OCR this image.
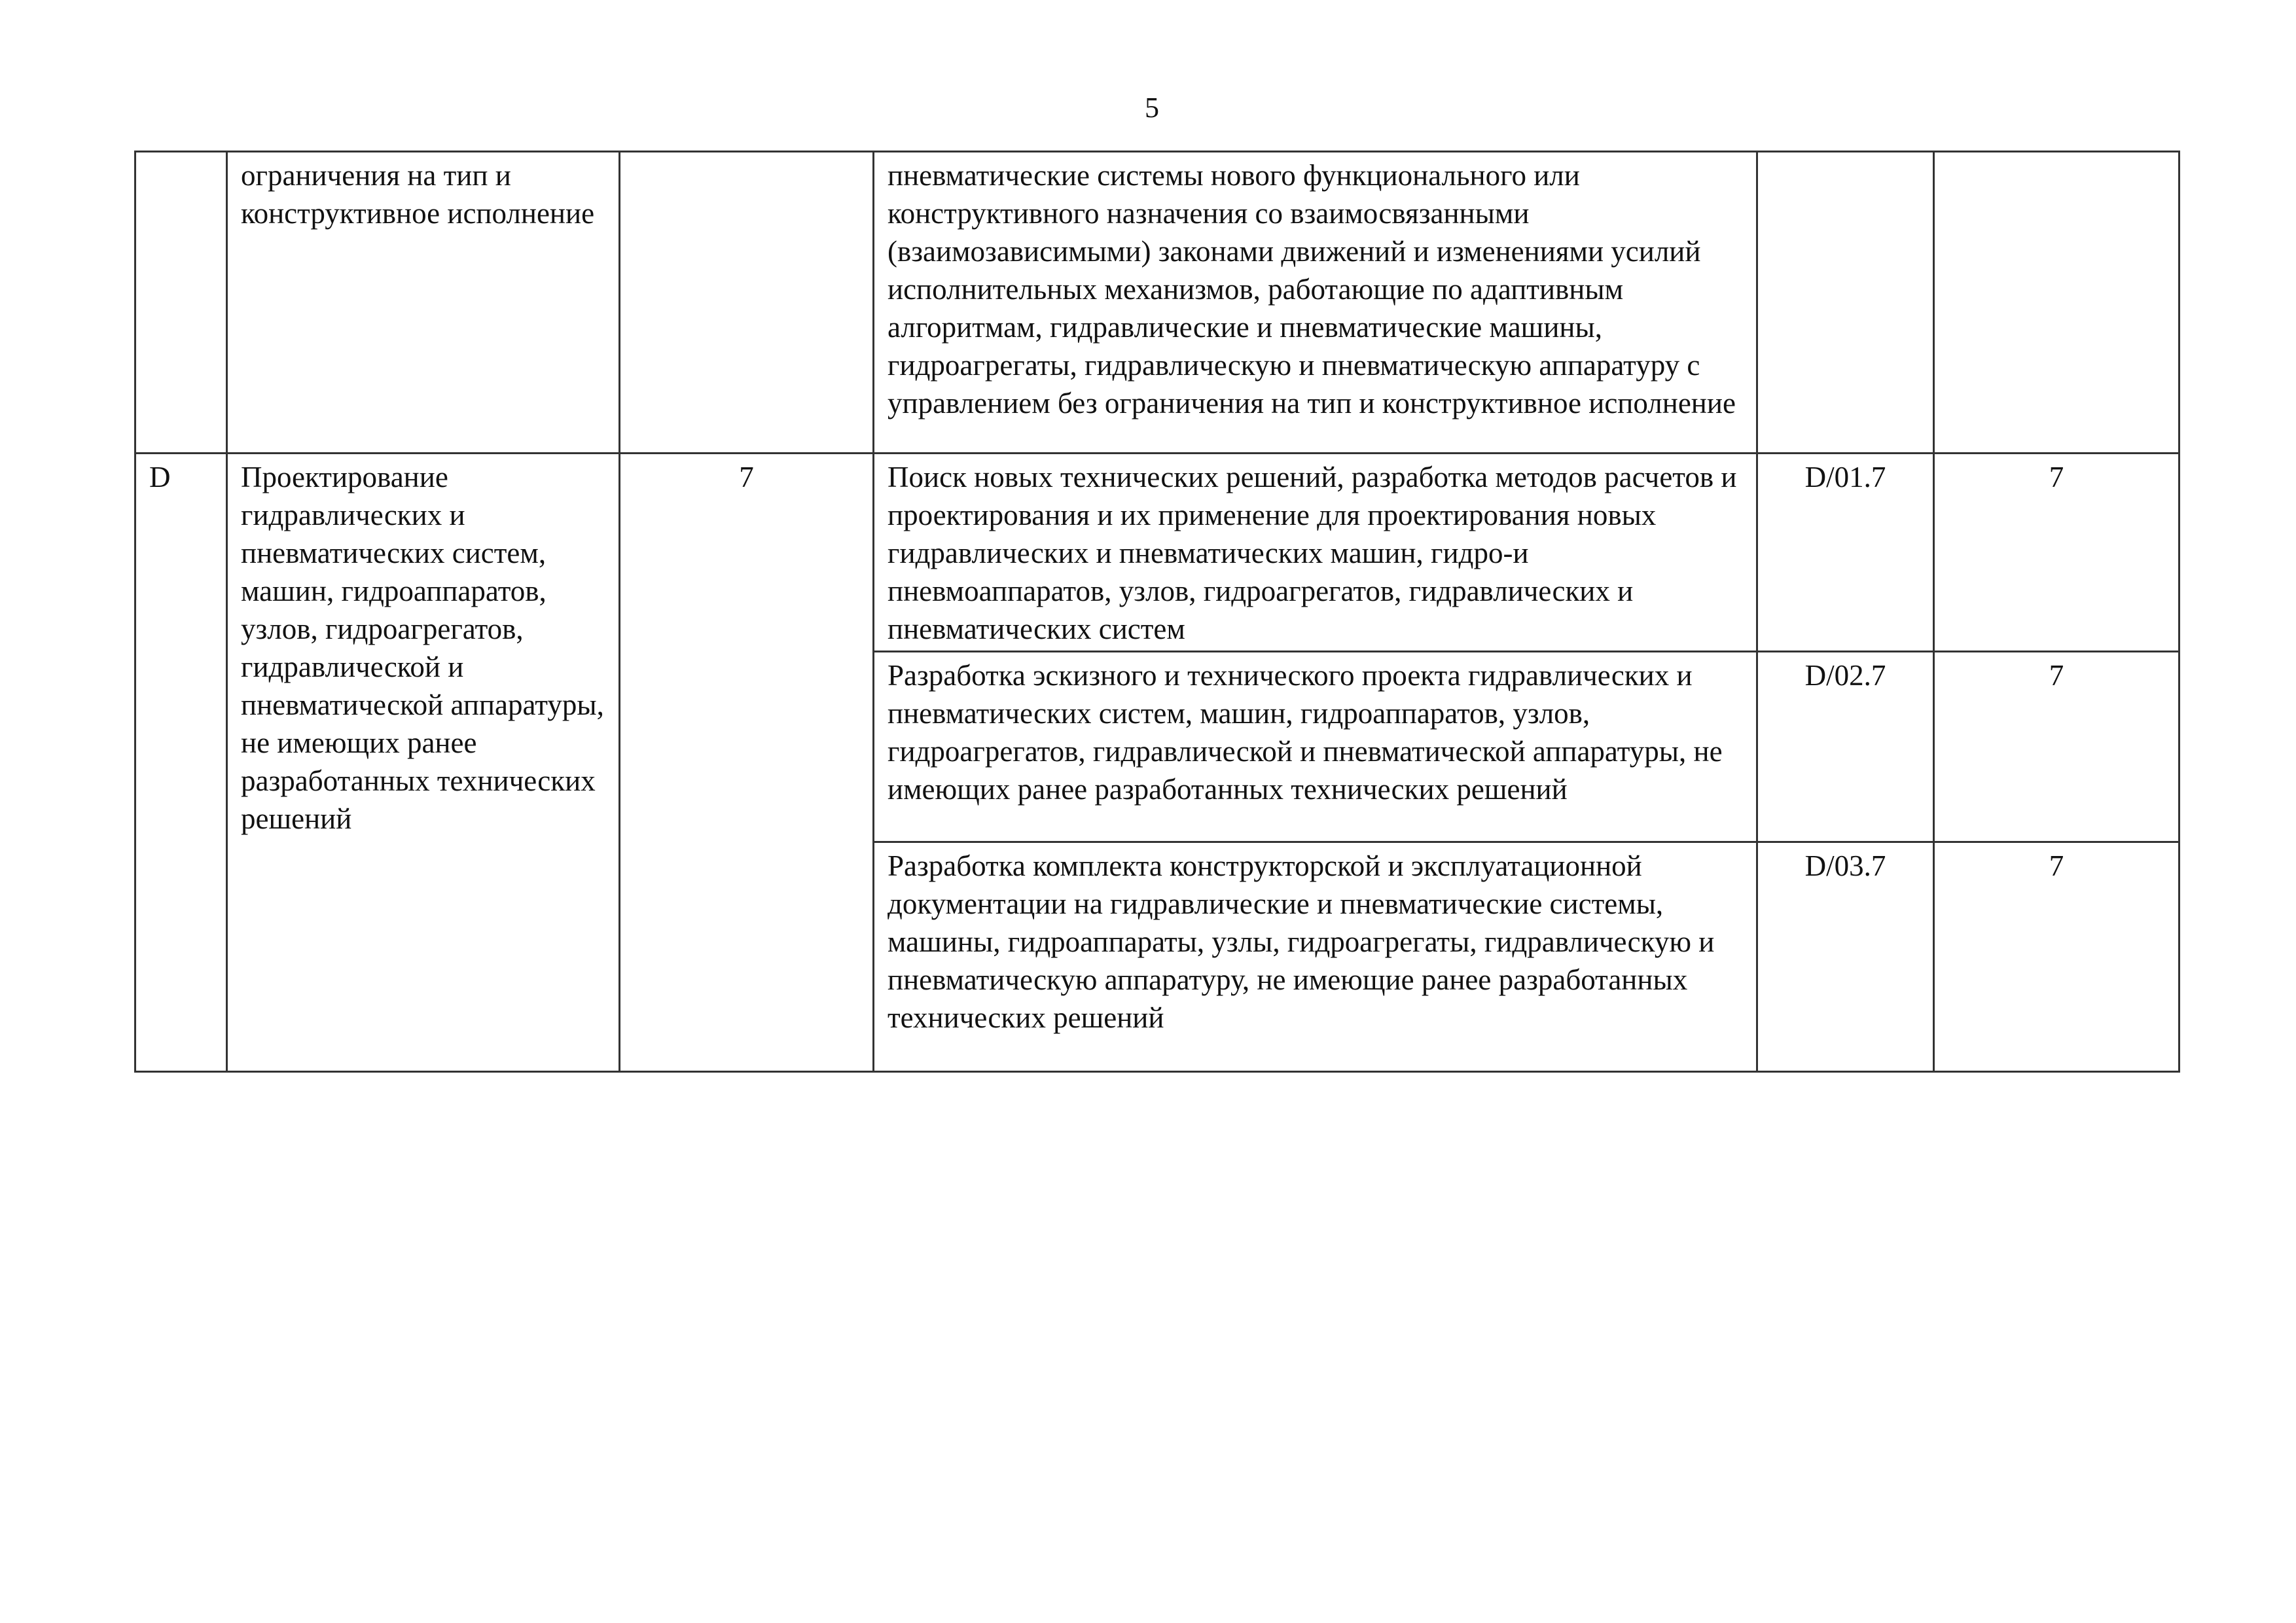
5
	ограничения на тип и конструктивное исполнение		пневматические системы нового функционального или конструктивного назначения со взаимосвязанными (взаимозависимыми) законами движений и изменениями усилий исполнительных механизмов, работающие по адаптивным алгоритмам, гидравлические и пневматические машины, гидроагрегаты, гидравлическую и пневматическую аппаратуру с управлением без ограничения на тип и конструктивное исполнение		
D	Проектирование гидравлических и пневматических систем, машин, гидроаппаратов, узлов, гидроагрегатов, гидравлической и пневматической аппаратуры, не имеющих ранее разработанных технических решений	7	Поиск новых технических решений, разработка методов расчетов и проектирования и их применение для проектирования новых гидравлических и пневматических машин, гидро-и пневмоаппаратов, узлов, гидроагрегатов, гидравлических и пневматических систем	D/01.7	7
			Разработка эскизного и технического проекта гидравлических и пневматических систем, машин, гидроаппаратов, узлов, гидроагрегатов, гидравлической и пневматической аппаратуры, не имеющих ранее разработанных технических решений	D/02.7	7
			Разработка комплекта конструкторской и эксплуатационной документации на гидравлические и пневматические системы, машины, гидроаппараты, узлы, гидроагрегаты, гидравлическую и пневматическую аппаратуру, не имеющие ранее разработанных технических решений	D/03.7	7
